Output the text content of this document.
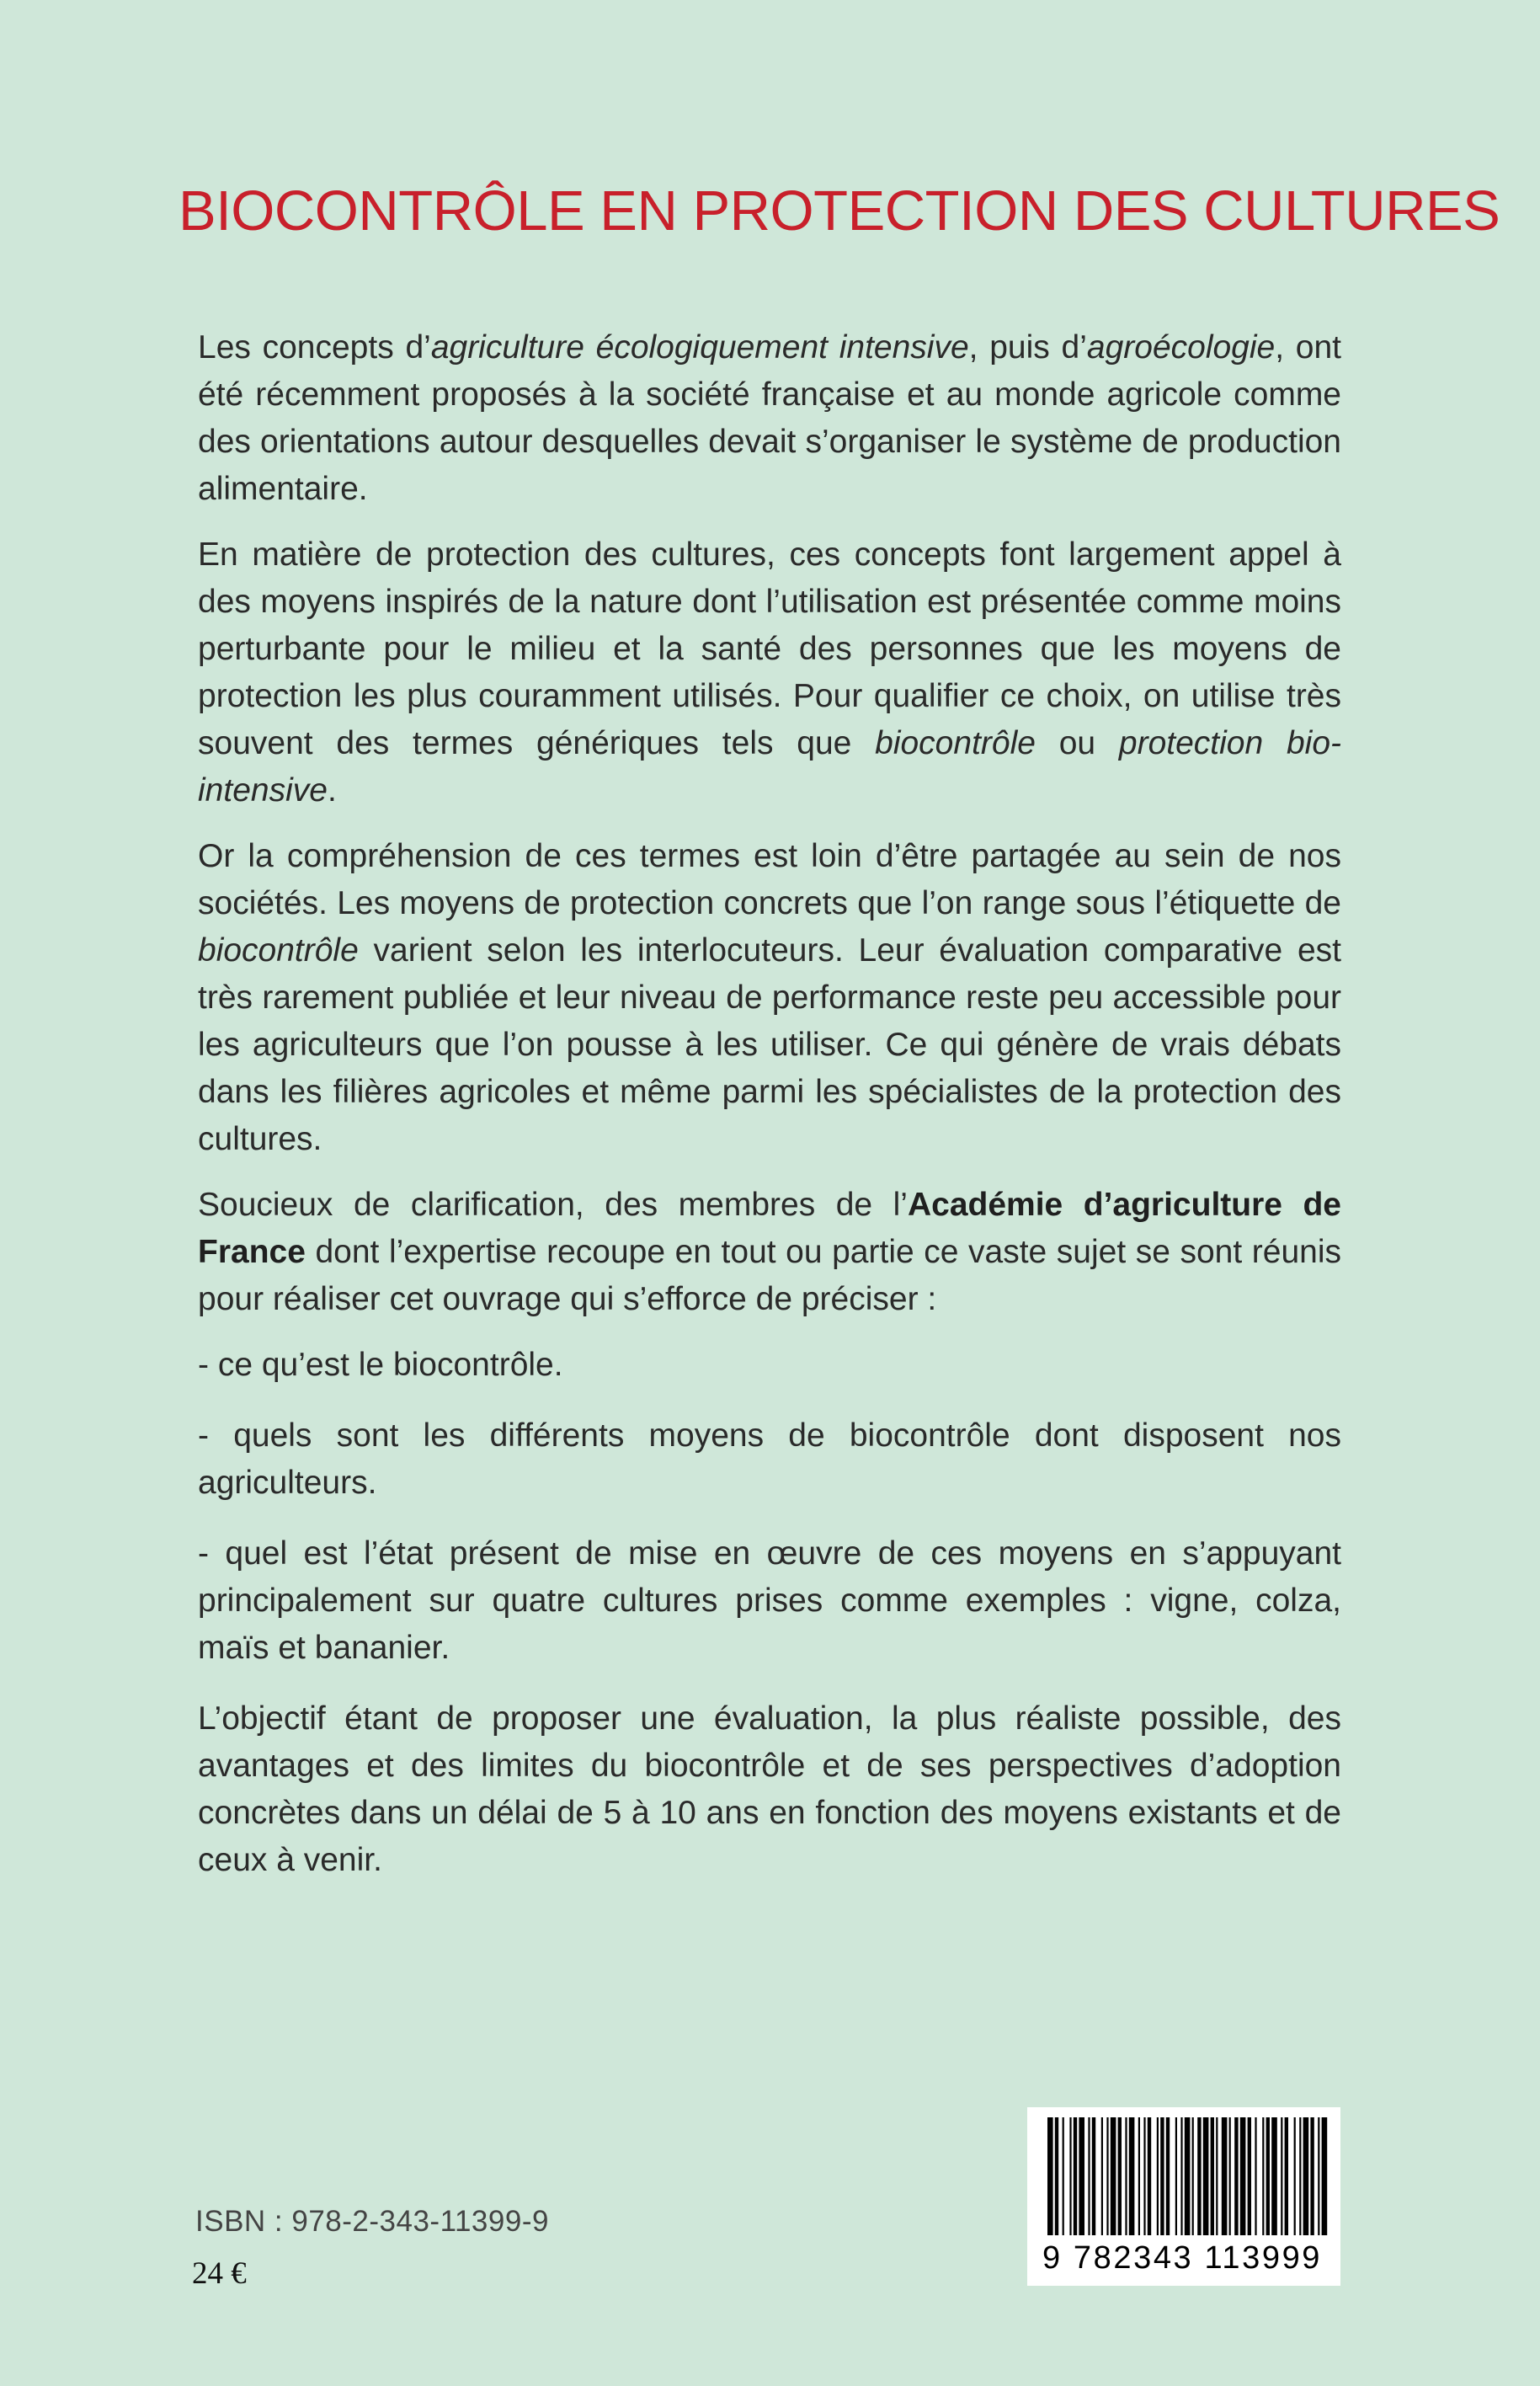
BIOCONTRÔLE EN PROTECTION DES CULTURES

Les concepts d’agriculture écologiquement intensive, puis d’agroécologie, ont été récemment proposés à la société française et au monde agricole comme des orientations autour desquelles devait s’organiser le système de production alimentaire.

En matière de protection des cultures, ces concepts font largement appel à des moyens inspirés de la nature dont l’utilisation est présentée comme moins perturbante pour le milieu et la santé des personnes que les moyens de protection les plus couramment utilisés. Pour qualifier ce choix, on utilise très souvent des termes génériques tels que biocontrôle ou protection bio-intensive.

Or la compréhension de ces termes est loin d’être partagée au sein de nos sociétés. Les moyens de protection concrets que l’on range sous l’étiquette de biocontrôle varient selon les interlocuteurs. Leur évaluation comparative est très rarement publiée et leur niveau de performance reste peu accessible pour les agriculteurs que l’on pousse à les utiliser. Ce qui génère de vrais débats dans les filières agricoles et même parmi les spécialistes de la protection des cultures.

Soucieux de clarification, des membres de l’Académie d’agriculture de France dont l’expertise recoupe en tout ou partie ce vaste sujet se sont réunis pour réaliser cet ouvrage qui s’efforce de préciser :

- ce qu’est le biocontrôle.

- quels sont les différents moyens de biocontrôle dont disposent nos agriculteurs.

- quel est l’état présent de mise en œuvre de ces moyens en s’appuyant principalement sur quatre cultures prises comme exemples : vigne, colza, maïs et bananier.

L’objectif étant de proposer une évaluation, la plus réaliste possible, des avantages et des limites du biocontrôle et de ses perspectives d’adoption concrètes dans un délai de 5 à 10 ans en fonction des moyens existants et de ceux à venir.

ISBN : 978-2-343-11399-9
24 €	9 782343 113999
